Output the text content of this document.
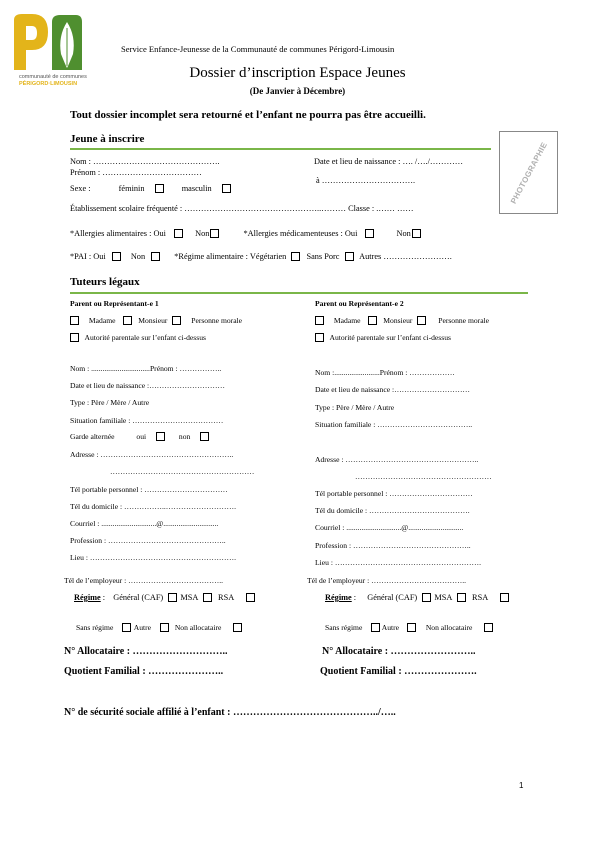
communauté de communes
PÉRIGORD·LIMOUSIN
Service Enfance-Jeunesse de la Communauté de communes Périgord-Limousin
Dossier d’inscription Espace Jeunes
(De Janvier à Décembre)
Tout dossier incomplet sera retourné et l’enfant ne pourra pas être accueilli.
Jeune à inscrire
PHOTOGRAPHIE
Nom : ……………………………………….
Prénom : ………………………………
Date et lieu de naissance : …. /…./…………
à …………………………….
Sexe :	féminin	masculin
Établissement scolaire fréquenté : …………………………………………..……… Classe : .…… ……
*Allergies alimentaires : Oui	Non	*Allergies médicamenteuses : Oui	Non
*PAI : Oui	Non	*Régime alimentaire : Végétarien Sans Porc Autres …………………….
Tuteurs légaux
Parent ou Représentant-e 1
Madame	Monsieur	Personne morale
Autorité parentale sur l’enfant ci-dessus
Nom : ...............................Prénom : ……………..
Date et lieu de naissance :…………………………
Type : Père / Mère / Autre
Situation familiale : ………………………………
Garde alternée	oui	non
Adresse : ……………………………………………..
…………………………………………………
Tél portable personnel : ……………………………
Tél du domicile : ……………..……………………….
Courriel : .............................@.............................
Profession : ………………………………………..
Lieu : ………………………………………………….
Tél de l’employeur : ………………………………..
Régime : Général (CAF) MSA RSA
Sans régime	Autre	Non allocataire
N° Allocataire : ………………………..
Quotient Familial : …………………..
Parent ou Représentant-e 2
Madame	Monsieur	Personne morale
Autorité parentale sur l’enfant ci-dessus
Nom :........................Prénom : ………………
Date et lieu de naissance :…………………………
Type : Père / Mère / Autre
Situation familiale : ………………………………..
Adresse : ……………………………………………..
………………………………………………
Tél portable personnel : ……………………………
Tél du domicile : ………………………………….
Courriel : .............................@.............................
Profession : ………………………………………..
Lieu : ………………………………………………….
Tél de l’employeur : ………………………………..
Régime : Général (CAF) MSA RSA
Sans régime	Autre	Non allocataire
N° Allocataire : ……………………..
Quotient Familial : ………………….
N° de sécurité sociale affilié à l’enfant : ……………………………………../…..
1
